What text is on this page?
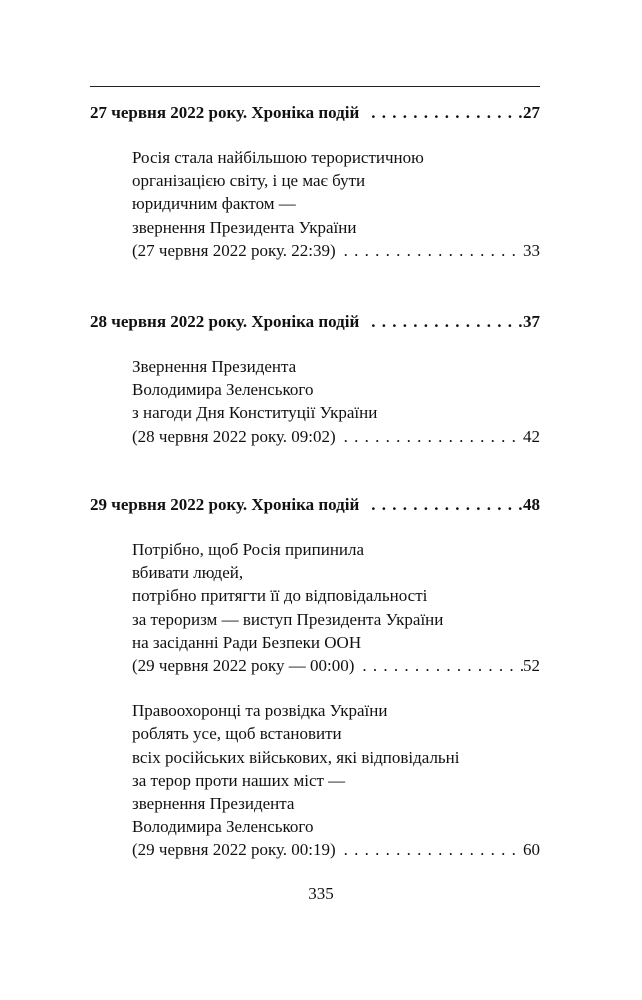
27 червня 2022 року. Хроніка подій . . .	27
Росія стала найбільшою терористичною
організацією світу, і це має бути
юридичним фактом —
звернення Президента України
(27 червня 2022 року. 22:39) . . .	33
28 червня 2022 року. Хроніка подій . . .	37
Звернення Президента
Володимира Зеленського
з нагоди Дня Конституції України
(28 червня 2022 року. 09:02) . . .	42
29 червня 2022 року. Хроніка подій . . .	48
Потрібно, щоб Росія припинила
вбивати людей,
потрібно притягти її до відповідальності
за тероризм — виступ Президента України
на засіданні Ради Безпеки ООН
(29 червня 2022 року — 00:00) . . .	52
Правоохоронці та розвідка України
роблять усе, щоб встановити
всіх російських військових, які відповідальні
за терор проти наших міст —
звернення Президента
Володимира Зеленського
(29 червня 2022 року. 00:19) . . .	60
335
